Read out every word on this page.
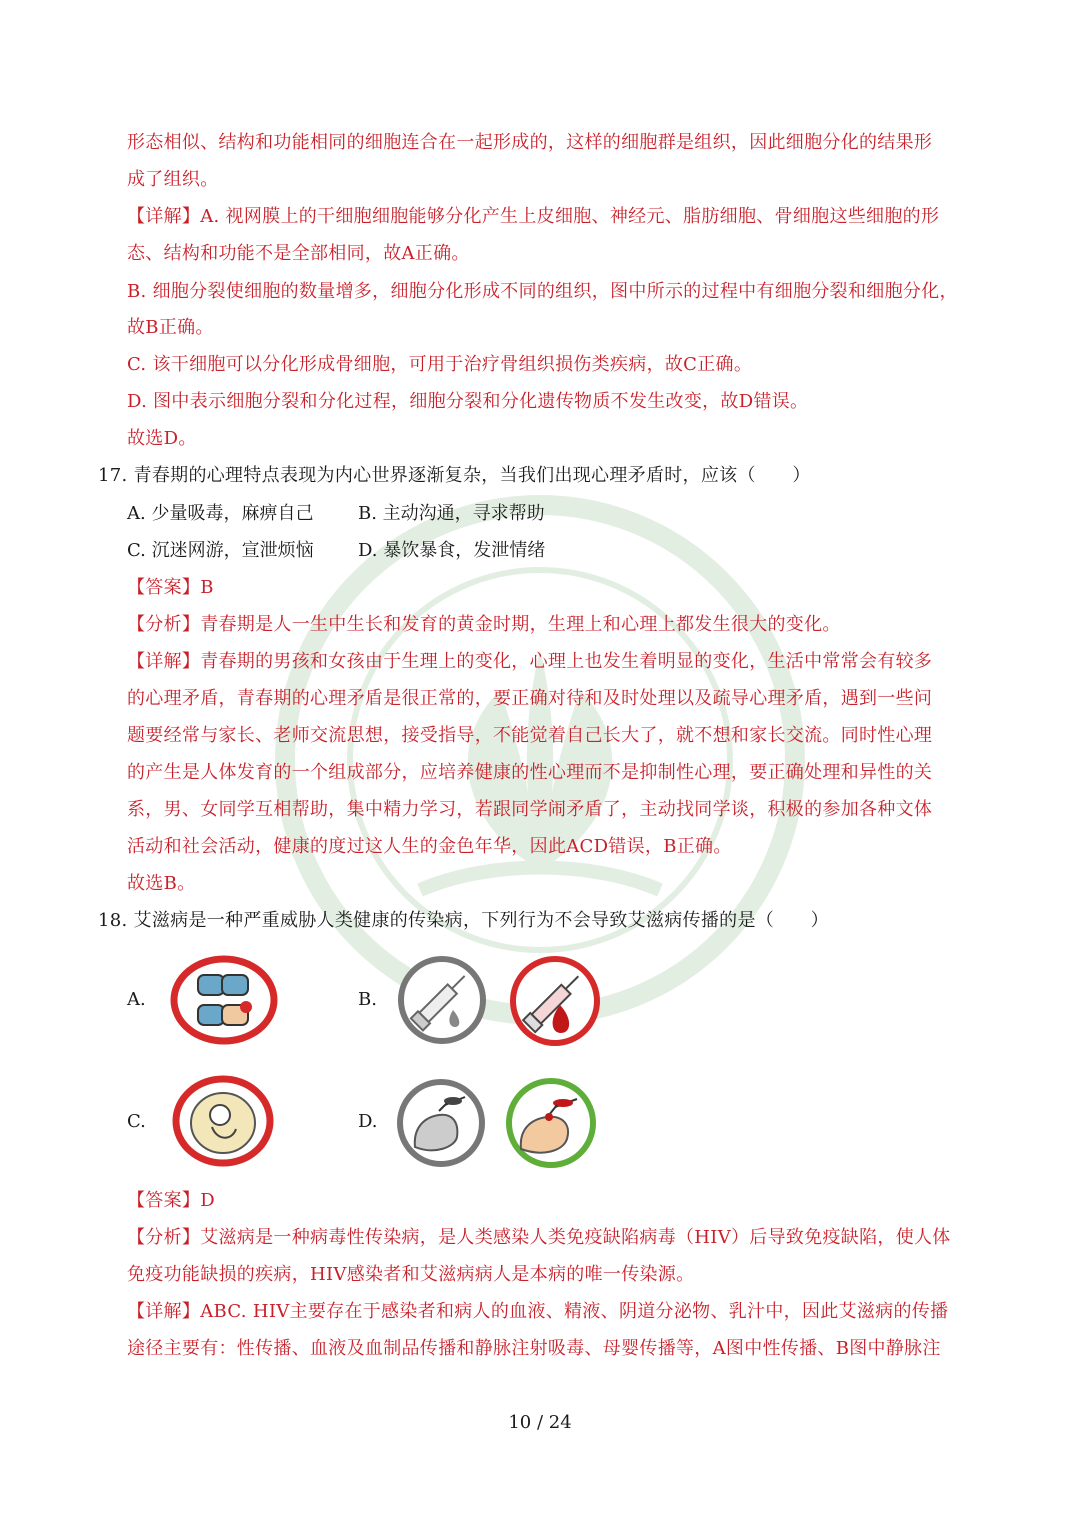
形态相似、结构和功能相同的细胞连合在一起形成的，这样的细胞群是组织，因此细胞分化的结果形
成了组织。
【详解】A. 视网膜上的干细胞细胞能够分化产生上皮细胞、神经元、脂肪细胞、骨细胞这些细胞的形
态、结构和功能不是全部相同，故A正确。
B. 细胞分裂使细胞的数量增多，细胞分化形成不同的组织，图中所示的过程中有细胞分裂和细胞分化，
故B正确。
C. 该干细胞可以分化形成骨细胞，可用于治疗骨组织损伤类疾病，故C正确。
D. 图中表示细胞分裂和分化过程，细胞分裂和分化遗传物质不发生改变，故D错误。
故选D。
17. 青春期的心理特点表现为内心世界逐渐复杂，当我们出现心理矛盾时，应该（　　）
A. 少量吸毒，麻痹自己 B. 主动沟通，寻求帮助
C. 沉迷网游，宣泄烦恼 D. 暴饮暴食，发泄情绪
【答案】B
【分析】青春期是人一生中生长和发育的黄金时期，生理上和心理上都发生很大的变化。
【详解】青春期的男孩和女孩由于生理上的变化，心理上也发生着明显的变化，生活中常常会有较多
的心理矛盾，青春期的心理矛盾是很正常的，要正确对待和及时处理以及疏导心理矛盾，遇到一些问
题要经常与家长、老师交流思想，接受指导，不能觉着自己长大了，就不想和家长交流。同时性心理
的产生是人体发育的一个组成部分，应培养健康的性心理而不是抑制性心理，要正确处理和异性的关
系，男、女同学互相帮助，集中精力学习，若跟同学闹矛盾了，主动找同学谈，积极的参加各种文体
活动和社会活动，健康的度过这人生的金色年华，因此ACD错误，B正确。
故选B。
18. 艾滋病是一种严重威胁人类健康的传染病，下列行为不会导致艾滋病传播的是（　　）
A.	B.
C.	D.
【答案】D
【分析】艾滋病是一种病毒性传染病，是人类感染人类免疫缺陷病毒（HIV）后导致免疫缺陷，使人体
免疫功能缺损的疾病，HIV感染者和艾滋病病人是本病的唯一传染源。
【详解】ABC. HIV主要存在于感染者和病人的血液、精液、阴道分泌物、乳汁中，因此艾滋病的传播
途径主要有：性传播、血液及血制品传播和静脉注射吸毒、母婴传播等，A图中性传播、B图中静脉注
10 / 24
